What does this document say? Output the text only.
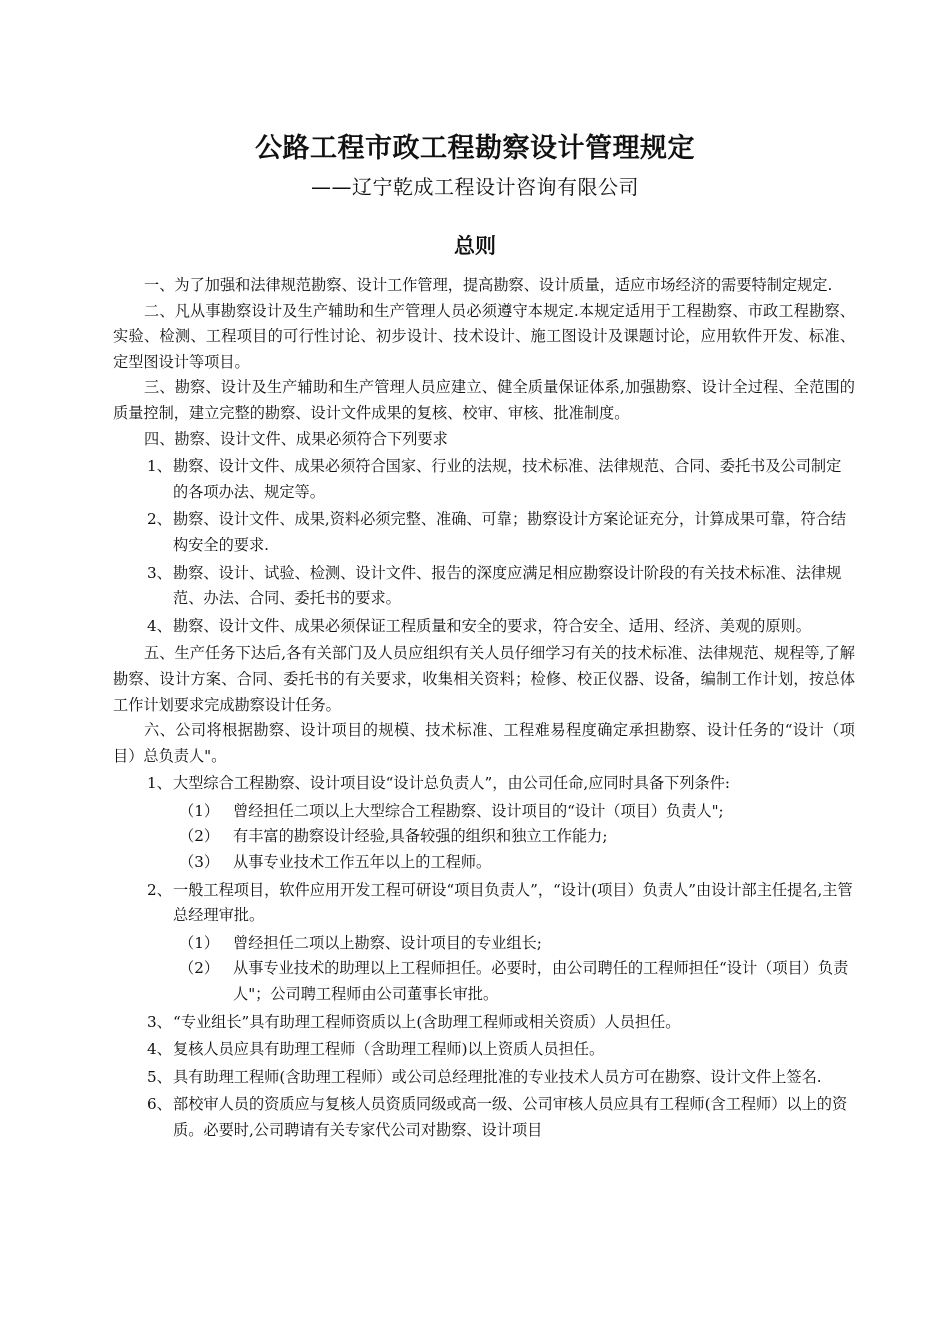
公路工程市政工程勘察设计管理规定
——辽宁乾成工程设计咨询有限公司
总则

一、为了加强和法律规范勘察、设计工作管理，提高勘察、设计质量，适应市场经济的需要特制定规定.

二、凡从事勘察设计及生产辅助和生产管理人员必须遵守本规定.本规定适用于工程勘察、市政工程勘察、实验、检测、工程项目的可行性讨论、初步设计、技术设计、施工图设计及课题讨论，应用软件开发、标准、定型图设计等项目。

三、勘察、设计及生产辅助和生产管理人员应建立、健全质量保证体系,加强勘察、设计全过程、全范围的质量控制，建立完整的勘察、设计文件成果的复核、校审、审核、批准制度。

四、勘察、设计文件、成果必须符合下列要求

1、 勘察、设计文件、成果必须符合国家、行业的法规，技术标准、法律规范、合同、委托书及公司制定的各项办法、规定等。
2、 勘察、设计文件、成果,资料必须完整、准确、可靠；勘察设计方案论证充分，计算成果可靠，符合结构安全的要求.
3、 勘察、设计、试验、检测、设计文件、报告的深度应满足相应勘察设计阶段的有关技术标准、法律规范、办法、合同、委托书的要求。
4、 勘察、设计文件、成果必须保证工程质量和安全的要求，符合安全、适用、经济、美观的原则。

五、生产任务下达后,各有关部门及人员应组织有关人员仔细学习有关的技术标准、法律规范、规程等,了解勘察、设计方案、合同、委托书的有关要求，收集相关资料；检修、校正仪器、设备，编制工作计划，按总体工作计划要求完成勘察设计任务。

六、公司将根据勘察、设计项目的规模、技术标准、工程难易程度确定承担勘察、设计任务的“设计（项目）总负责人"。

1、 大型综合工程勘察、设计项目设“设计总负责人”，由公司任命,应同时具备下列条件:
（1） 曾经担任二项以上大型综合工程勘察、设计项目的“设计（项目）负责人";
（2） 有丰富的勘察设计经验,具备较强的组织和独立工作能力;
（3） 从事专业技术工作五年以上的工程师。
2、 一般工程项目，软件应用开发工程可研设“项目负责人”，“设计(项目）负责人”由设计部主任提名,主管总经理审批。
（1） 曾经担任二项以上勘察、设计项目的专业组长;
（2） 从事专业技术的助理以上工程师担任。必要时，由公司聘任的工程师担任“设计（项目）负责人"；公司聘工程师由公司董事长审批。
3、 “专业组长”具有助理工程师资质以上(含助理工程师或相关资质）人员担任。
4、 复核人员应具有助理工程师（含助理工程师)以上资质人员担任。
5、 具有助理工程师(含助理工程师）或公司总经理批准的专业技术人员方可在勘察、设计文件上签名.
6、 部校审人员的资质应与复核人员资质同级或高一级、公司审核人员应具有工程师(含工程师）以上的资质。必要时,公司聘请有关专家代公司对勘察、设计项目
